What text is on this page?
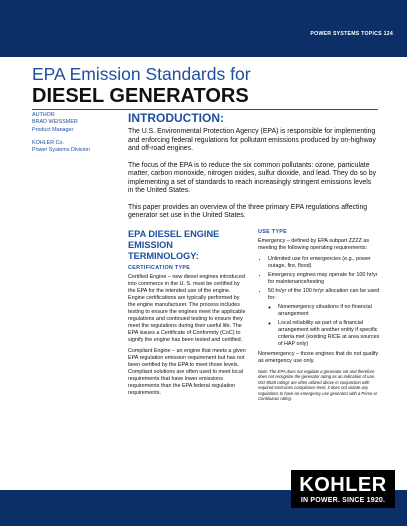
POWER SYSTEMS TOPICS 124
EPA Emission Standards for
DIESEL GENERATORS
AUTHOR
BRAD WEISSMER
Product Manager
KOHLER Co.
Power Systems Division
INTRODUCTION:

The U.S. Environmental Protection Agency (EPA) is responsible for implementing and enforcing federal regulations for pollutant emissions produced by on-highway and off-road engines.

The focus of the EPA is to reduce the six common pollutants: ozone, particulate matter, carbon monoxide, nitrogen oxides, sulfur dioxide, and lead. They do so by implementing a set of standards to reach increasingly stringent emissions levels in the United States.

This paper provides an overview of the three primary EPA regulations affecting generator set use in the United States.

EPA DIESEL ENGINE EMISSION TERMINOLOGY:
CERTIFICATION TYPE

Certified Engine – new diesel engines introduced into commerce in the U. S. must be certified by the EPA for the intended use of the engine. Engine certifications are typically performed by the engine manufacturer. The process includes testing to ensure the engines meet the applicable regulations and continued testing to ensure they meet the regulations during their useful life. The EPA issues a Certificate of Conformity (CoC) to signify the engine has been tested and certified.

Compliant Engine – an engine that meets a given EPA regulation emission requirement but has not been certified by the EPA to meet those levels. Compliant solutions are often used to meet local requirements that have lower emissions requirements than the EPA federal regulation requirements.

USE TYPE

Emergency – defined by EPA subpart ZZZZ as meeting the following operating requirements:

• Unlimited use for emergencies (e.g., power outage, fire, flood)
• Emergency engines may operate for 100 hr/yr for maintenance/testing
• 50 hr/yr of the 100 hr/yr allocation can be used for:
◦ Nonemergency situations if no financial arrangement
◦ Local reliability as part of a financial arrangement with another entity if specific criteria met (existing RICE at area sources of HAP only)

Nonemergency – those engines that do not qualify as emergency use only.

Note: The EPA does not regulate a generator set and therefore does not recognize the generator rating as an indication of use. ISO-8528 ratings are often utilized above in conjunction with required emissions compliance level, it does not violate any regulations to have an emergency use generator with a Prime or Continuous rating.
KOHLER
IN POWER. SINCE 1920.
